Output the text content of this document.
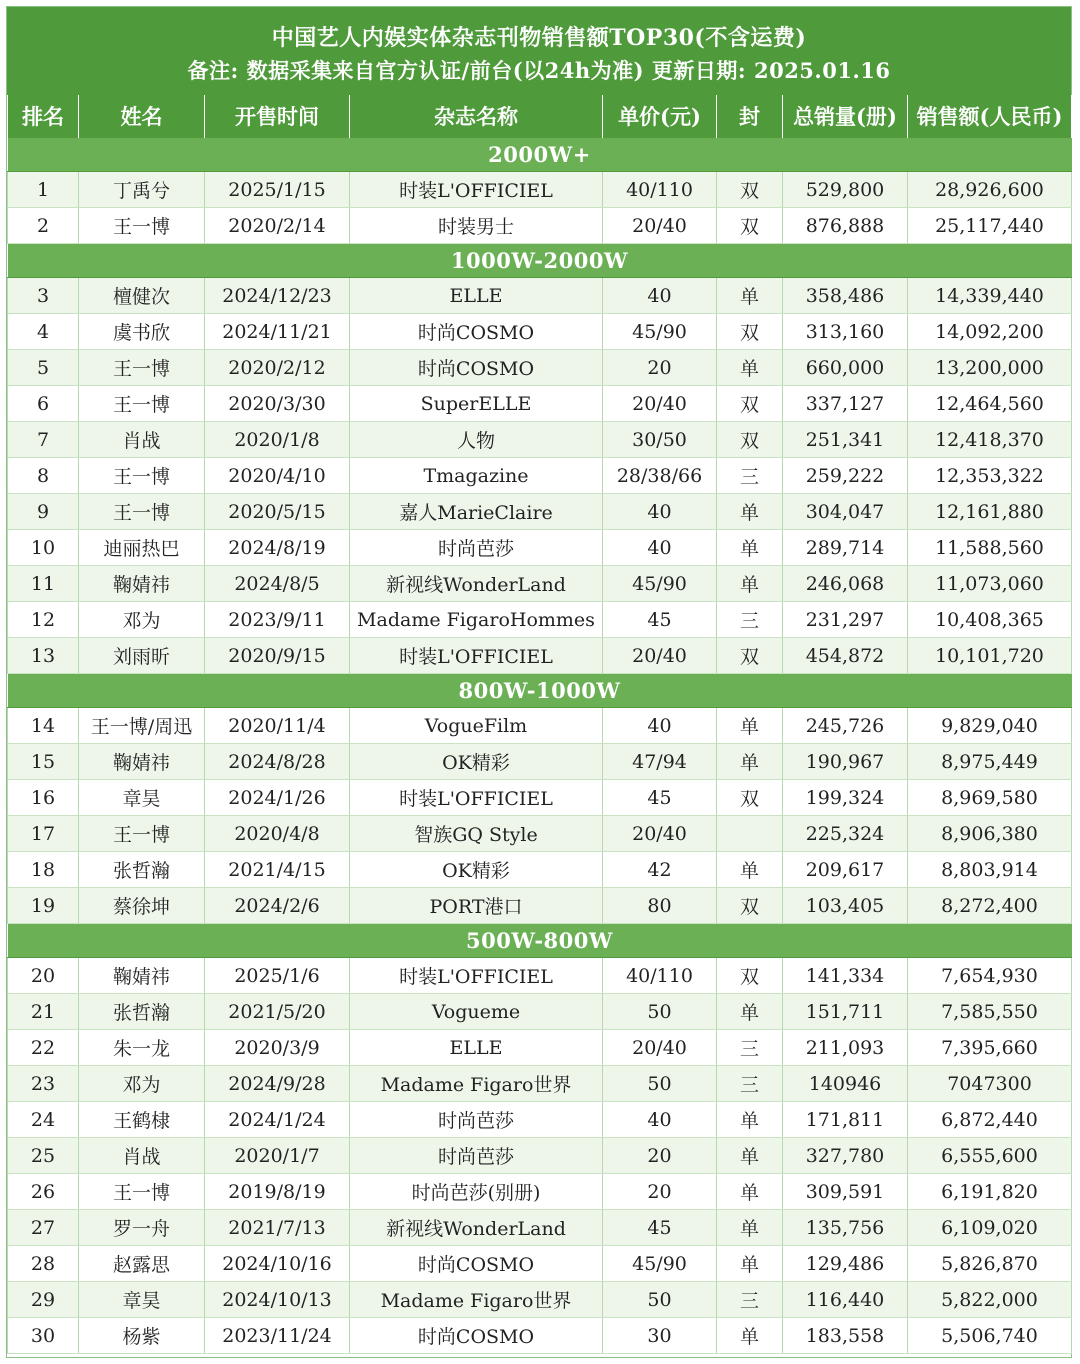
中国艺人内娱实体杂志刊物销售额TOP30(不含运费)
备注: 数据采集来自官方认证/前台(以24h为准) 更新日期: 2025.01.16
排名	姓名	开售时间	杂志名称	单价(元)	封	总销量(册)	销售额(人民币)
2000W+							
1	丁禹兮	2025/1/15	时装L'OFFICIEL	40/110	双	529,800	28,926,600
2	王一博	2020/2/14	时装男士	20/40	双	876,888	25,117,440
1000W-2000W							
3	檀健次	2024/12/23	ELLE	40	单	358,486	14,339,440
4	虞书欣	2024/11/21	时尚COSMO	45/90	双	313,160	14,092,200
5	王一博	2020/2/12	时尚COSMO	20	单	660,000	13,200,000
6	王一博	2020/3/30	SuperELLE	20/40	双	337,127	12,464,560
7	肖战	2020/1/8	人物	30/50	双	251,341	12,418,370
8	王一博	2020/4/10	Tmagazine	28/38/66	三	259,222	12,353,322
9	王一博	2020/5/15	嘉人MarieClaire	40	单	304,047	12,161,880
10	迪丽热巴	2024/8/19	时尚芭莎	40	单	289,714	11,588,560
11	鞠婧祎	2024/8/5	新视线WonderLand	45/90	单	246,068	11,073,060
12	邓为	2023/9/11	Madame FigaroHommes	45	三	231,297	10,408,365
13	刘雨昕	2020/9/15	时装L'OFFICIEL	20/40	双	454,872	10,101,720
800W-1000W							
14	王一博/周迅	2020/11/4	VogueFilm	40	单	245,726	9,829,040
15	鞠婧祎	2024/8/28	OK精彩	47/94	单	190,967	8,975,449
16	章昊	2024/1/26	时装L'OFFICIEL	45	双	199,324	8,969,580
17	王一博	2020/4/8	智族GQ Style	20/40		225,324	8,906,380
18	张哲瀚	2021/4/15	OK精彩	42	单	209,617	8,803,914
19	蔡徐坤	2024/2/6	PORT港口	80	双	103,405	8,272,400
500W-800W							
20	鞠婧祎	2025/1/6	时装L'OFFICIEL	40/110	双	141,334	7,654,930
21	张哲瀚	2021/5/20	Vogueme	50	单	151,711	7,585,550
22	朱一龙	2020/3/9	ELLE	20/40	三	211,093	7,395,660
23	邓为	2024/9/28	Madame Figaro世界	50	三	140946	7047300
24	王鹤棣	2024/1/24	时尚芭莎	40	单	171,811	6,872,440
25	肖战	2020/1/7	时尚芭莎	20	单	327,780	6,555,600
26	王一博	2019/8/19	时尚芭莎(别册)	20	单	309,591	6,191,820
27	罗一舟	2021/7/13	新视线WonderLand	45	单	135,756	6,109,020
28	赵露思	2024/10/16	时尚COSMO	45/90	单	129,486	5,826,870
29	章昊	2024/10/13	Madame Figaro世界	50	三	116,440	5,822,000
30	杨紫	2023/11/24	时尚COSMO	30	单	183,558	5,506,740
